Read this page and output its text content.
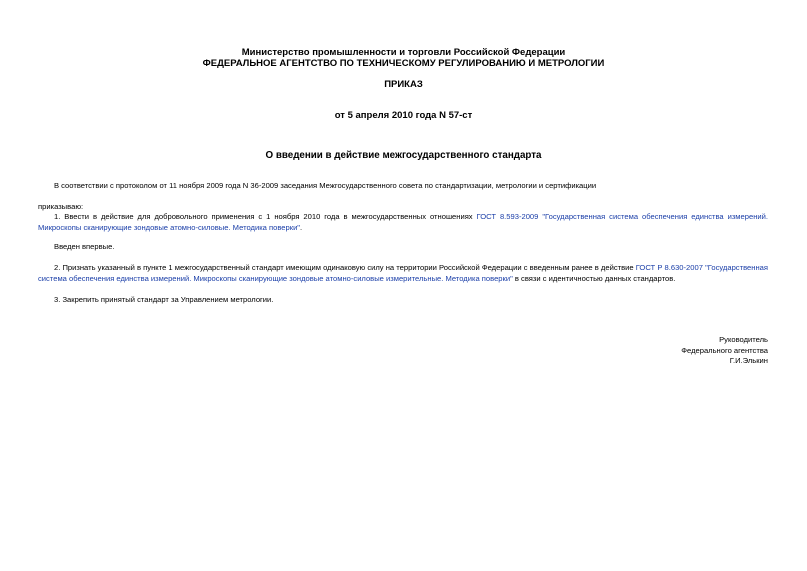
Министерство промышленности и торговли Российской Федерации
ФЕДЕРАЛЬНОЕ АГЕНТСТВО ПО ТЕХНИЧЕСКОМУ РЕГУЛИРОВАНИЮ И МЕТРОЛОГИИ
ПРИКАЗ
от 5 апреля 2010 года N 57-ст
О введении в действие межгосударственного стандарта
В соответствии с протоколом от 11 ноября 2009 года N 36-2009 заседания Межгосударственного совета по стандартизации, метрологии и сертификации
приказываю:
1. Ввести в действие для добровольного применения с 1 ноября 2010 года в межгосударственных отношениях ГОСТ 8.593-2009 "Государственная система обеспечения единства измерений. Микроскопы сканирующие зондовые атомно-силовые. Методика поверки".
Введен впервые.
2. Признать указанный в пункте 1 межгосударственный стандарт имеющим одинаковую силу на территории Российской Федерации с введенным ранее в действие ГОСТ Р 8.630-2007 "Государственная система обеспечения единства измерений. Микроскопы сканирующие зондовые атомно-силовые измерительные. Методика поверки" в связи с идентичностью данных стандартов.
3. Закрепить принятый стандарт за Управлением метрологии.
Руководитель
Федерального агентства
Г.И.Элькин
